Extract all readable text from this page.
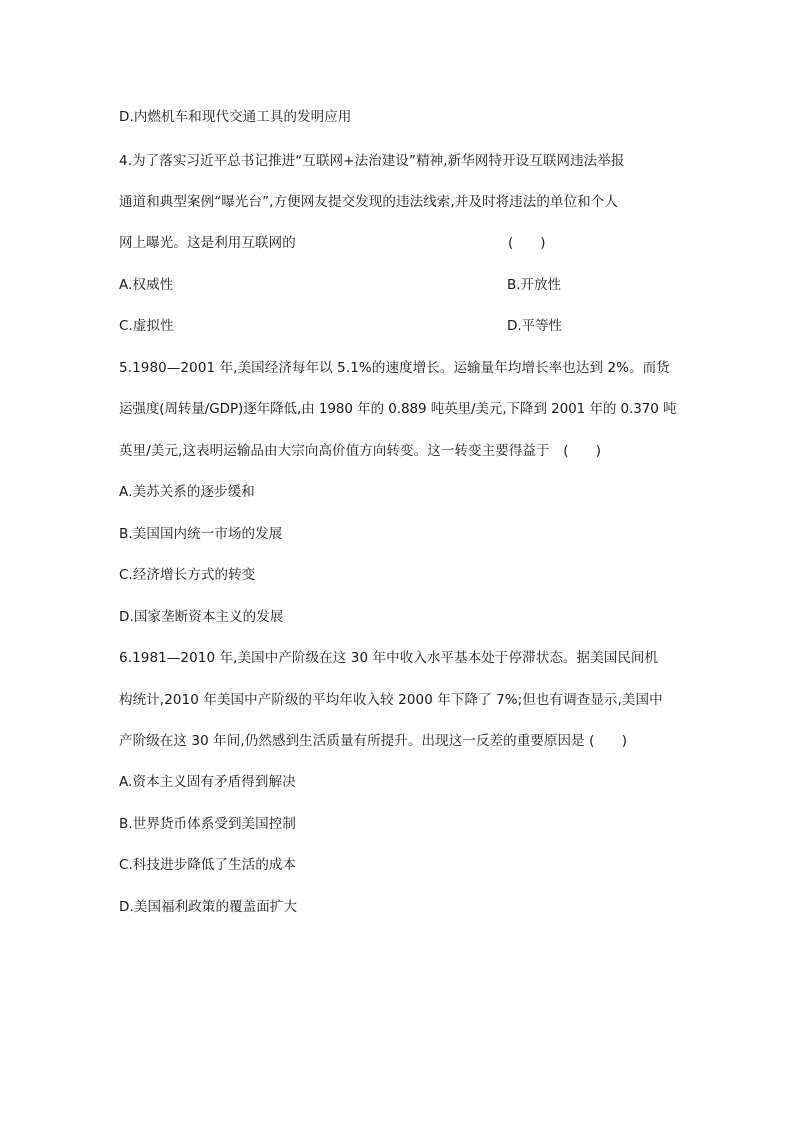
D.内燃机车和现代交通工具的发明应用
4.为了落实习近平总书记推进“互联网+法治建设”精神,新华网特开设互联网违法举报
通道和典型案例“曝光台”,方便网友提交发现的违法线索,并及时将违法的单位和个人
网上曝光。这是利用互联网的	(　　)
A.权威性	B.开放性
C.虚拟性	D.平等性
5.1980—2001 年,美国经济每年以 5.1%的速度增长。运输量年均增长率也达到 2%。而货
运强度(周转量/GDP)逐年降低,由 1980 年的 0.889 吨英里/美元,下降到 2001 年的 0.370 吨
英里/美元,这表明运输品由大宗向高价值方向转变。这一转变主要得益于　(　　)
A.美苏关系的逐步缓和
B.美国国内统一市场的发展
C.经济增长方式的转变
D.国家垄断资本主义的发展
6.1981—2010 年,美国中产阶级在这 30 年中收入水平基本处于停滞状态。据美国民间机
构统计,2010 年美国中产阶级的平均年收入较 2000 年下降了 7%;但也有调查显示,美国中
产阶级在这 30 年间,仍然感到生活质量有所提升。出现这一反差的重要原因是 (　　)
A.资本主义固有矛盾得到解决
B.世界货币体系受到美国控制
C.科技进步降低了生活的成本
D.美国福利政策的覆盖面扩大
